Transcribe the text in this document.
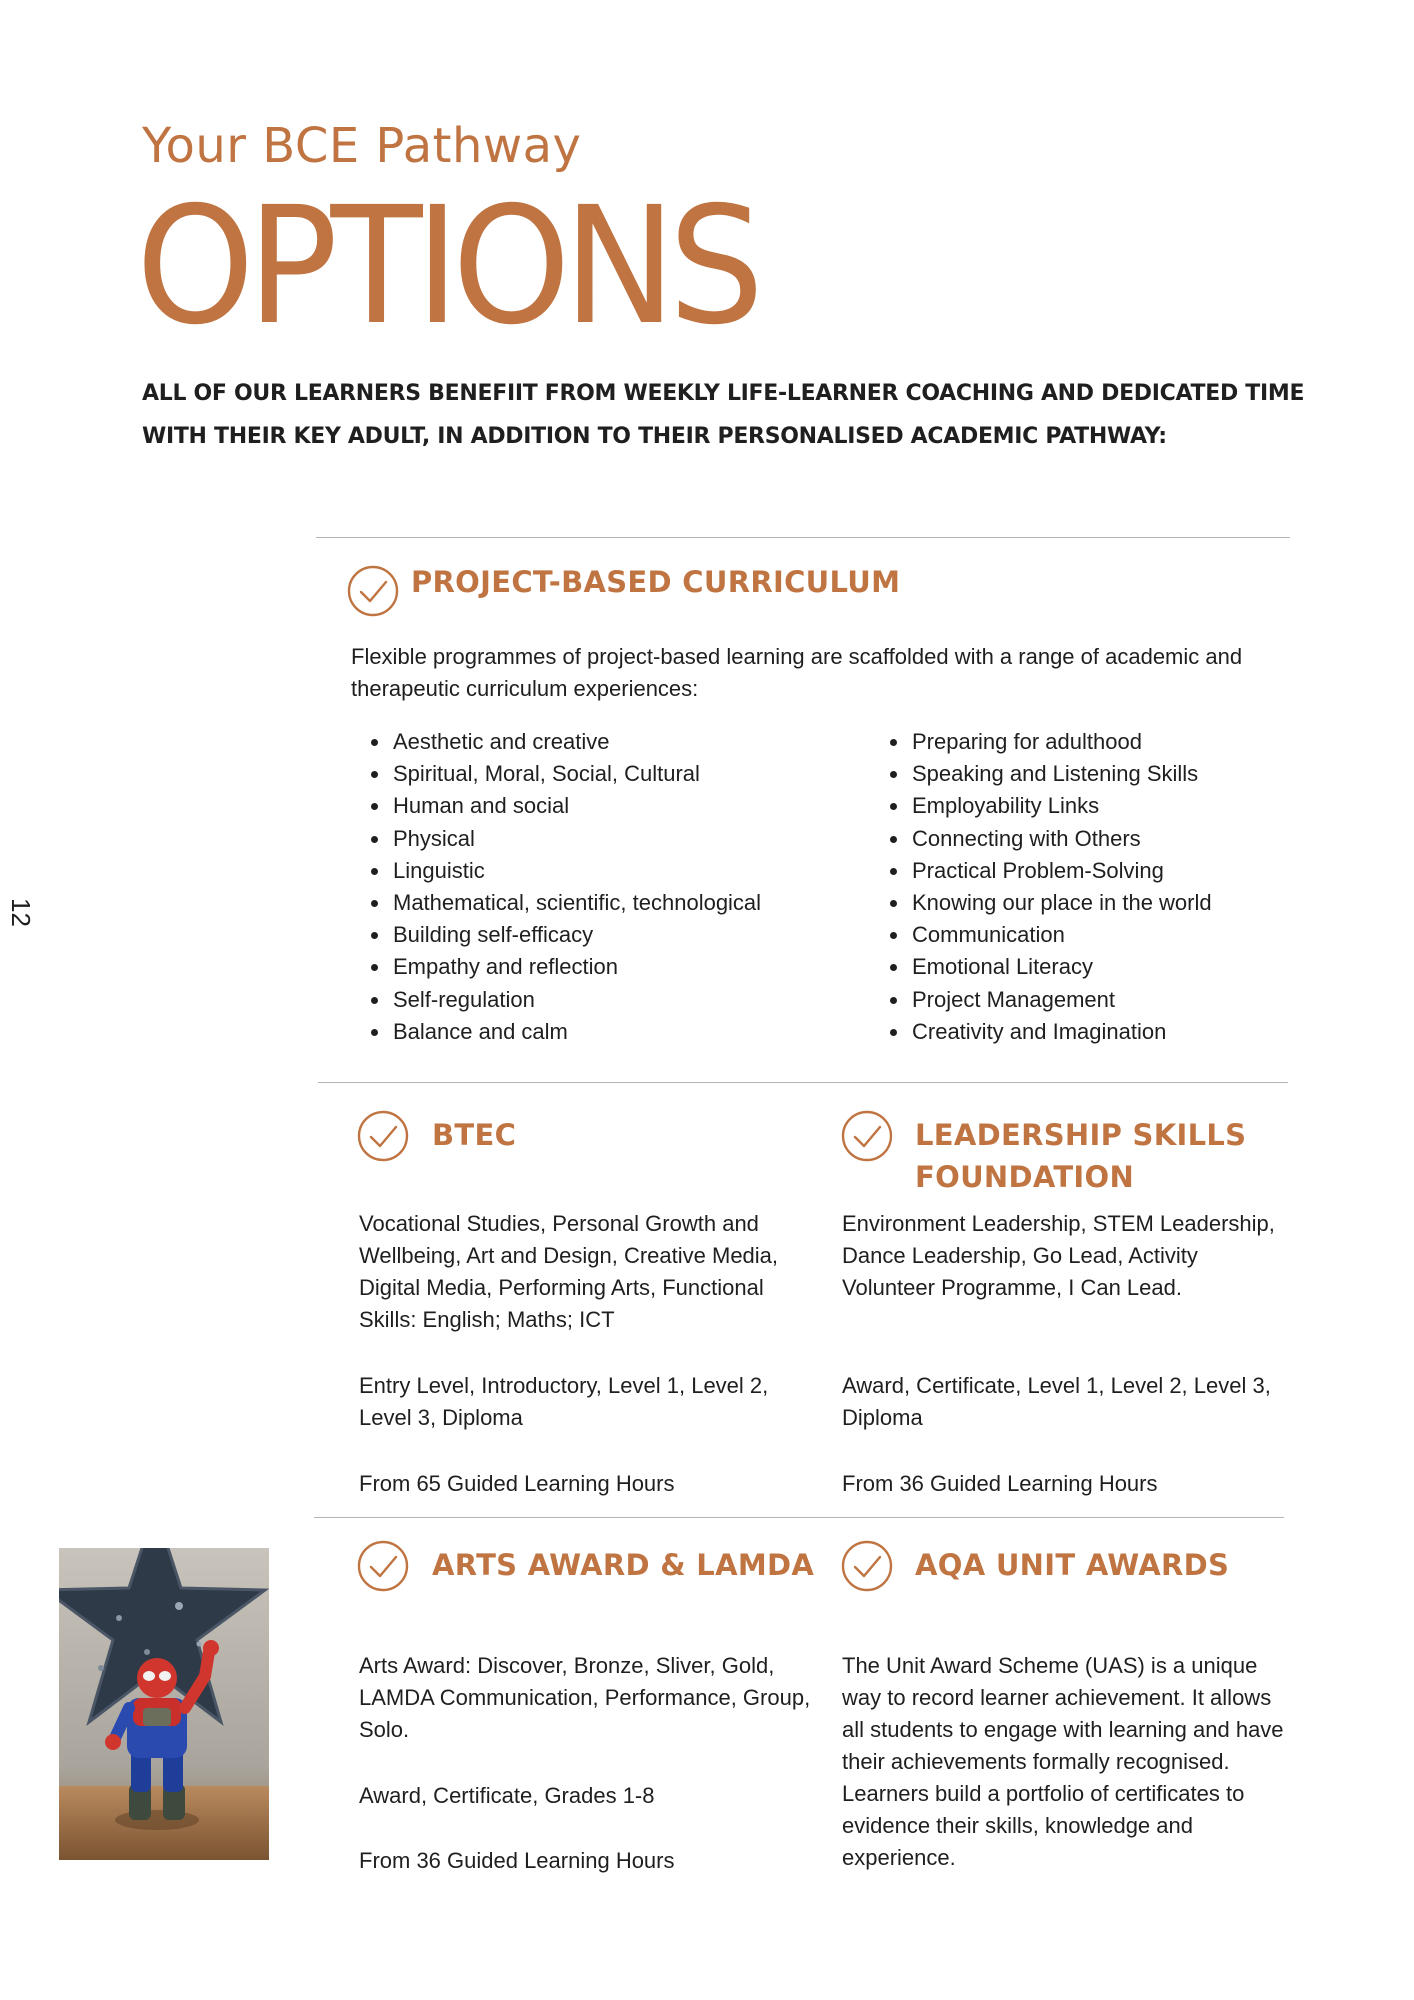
Your BCE Pathway
OPTIONS
ALL OF OUR LEARNERS BENEFIIT FROM WEEKLY LIFE-LEARNER COACHING AND DEDICATED TIME WITH THEIR KEY ADULT, IN ADDITION TO THEIR PERSONALISED ACADEMIC PATHWAY:
12
PROJECT-BASED CURRICULUM
Flexible programmes of project-based learning are scaffolded with a range of academic and therapeutic curriculum experiences:
• Aesthetic and creative
• Spiritual, Moral, Social, Cultural
• Human and social
• Physical
• Linguistic
• Mathematical, scientific, technological
• Building self-efficacy
• Empathy and reflection
• Self-regulation
• Balance and calm
• Preparing for adulthood
• Speaking and Listening Skills
• Employability Links
• Connecting with Others
• Practical Problem-Solving
• Knowing our place in the world
• Communication
• Emotional Literacy
• Project Management
• Creativity and Imagination
BTEC
Vocational Studies, Personal Growth and Wellbeing, Art and Design, Creative Media, Digital Media, Performing Arts, Functional Skills: English; Maths; ICT
Entry Level, Introductory, Level 1, Level 2, Level 3, Diploma
From 65 Guided Learning Hours
LEADERSHIP SKILLS
FOUNDATION
Environment Leadership, STEM Leadership, Dance Leadership, Go Lead, Activity Volunteer Programme, I Can Lead.
Award, Certificate, Level 1, Level 2, Level 3, Diploma
From 36 Guided Learning Hours
ARTS AWARD & LAMDA
Arts Award: Discover, Bronze, Sliver, Gold, LAMDA Communication, Performance, Group, Solo.
Award, Certificate, Grades 1-8
From 36 Guided Learning Hours
AQA UNIT AWARDS
The Unit Award Scheme (UAS) is a unique way to record learner achievement. It allows all students to engage with learning and have their achievements formally recognised. Learners build a portfolio of certificates to evidence their skills, knowledge and experience.
